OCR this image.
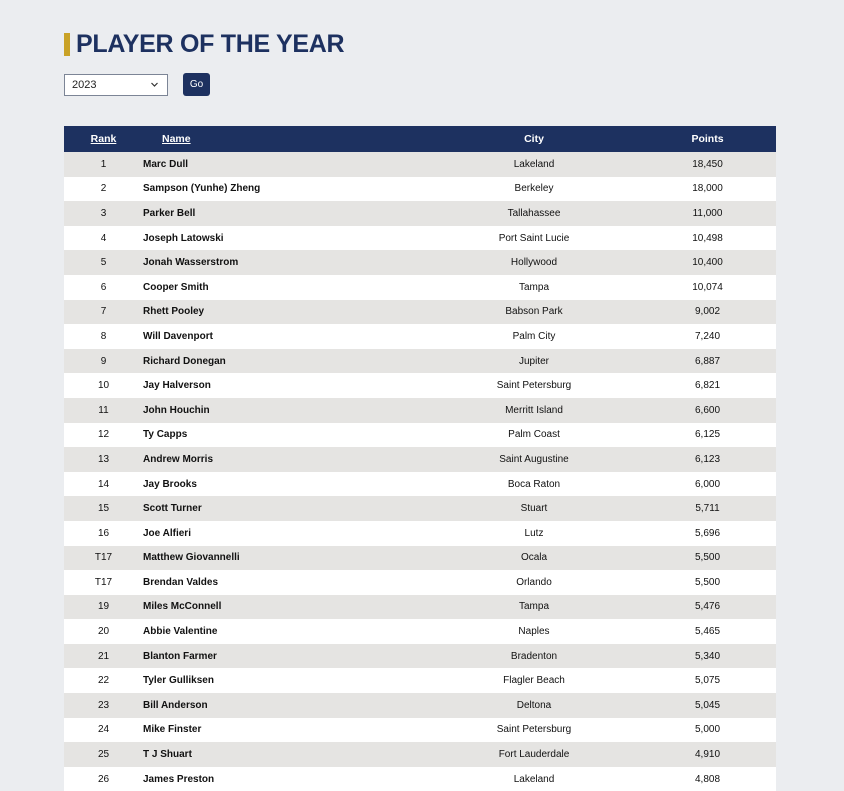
PLAYER OF THE YEAR
2023	Go
Rank	Name	City	Points
1	Marc Dull	Lakeland	18,450
2	Sampson (Yunhe) Zheng	Berkeley	18,000
3	Parker Bell	Tallahassee	11,000
4	Joseph Latowski	Port Saint Lucie	10,498
5	Jonah Wasserstrom	Hollywood	10,400
6	Cooper Smith	Tampa	10,074
7	Rhett Pooley	Babson Park	9,002
8	Will Davenport	Palm City	7,240
9	Richard Donegan	Jupiter	6,887
10	Jay Halverson	Saint Petersburg	6,821
11	John Houchin	Merritt Island	6,600
12	Ty Capps	Palm Coast	6,125
13	Andrew Morris	Saint Augustine	6,123
14	Jay Brooks	Boca Raton	6,000
15	Scott Turner	Stuart	5,711
16	Joe Alfieri	Lutz	5,696
T17	Matthew Giovannelli	Ocala	5,500
T17	Brendan Valdes	Orlando	5,500
19	Miles McConnell	Tampa	5,476
20	Abbie Valentine	Naples	5,465
21	Blanton Farmer	Bradenton	5,340
22	Tyler Gulliksen	Flagler Beach	5,075
23	Bill Anderson	Deltona	5,045
24	Mike Finster	Saint Petersburg	5,000
25	T J Shuart	Fort Lauderdale	4,910
26	James Preston	Lakeland	4,808
